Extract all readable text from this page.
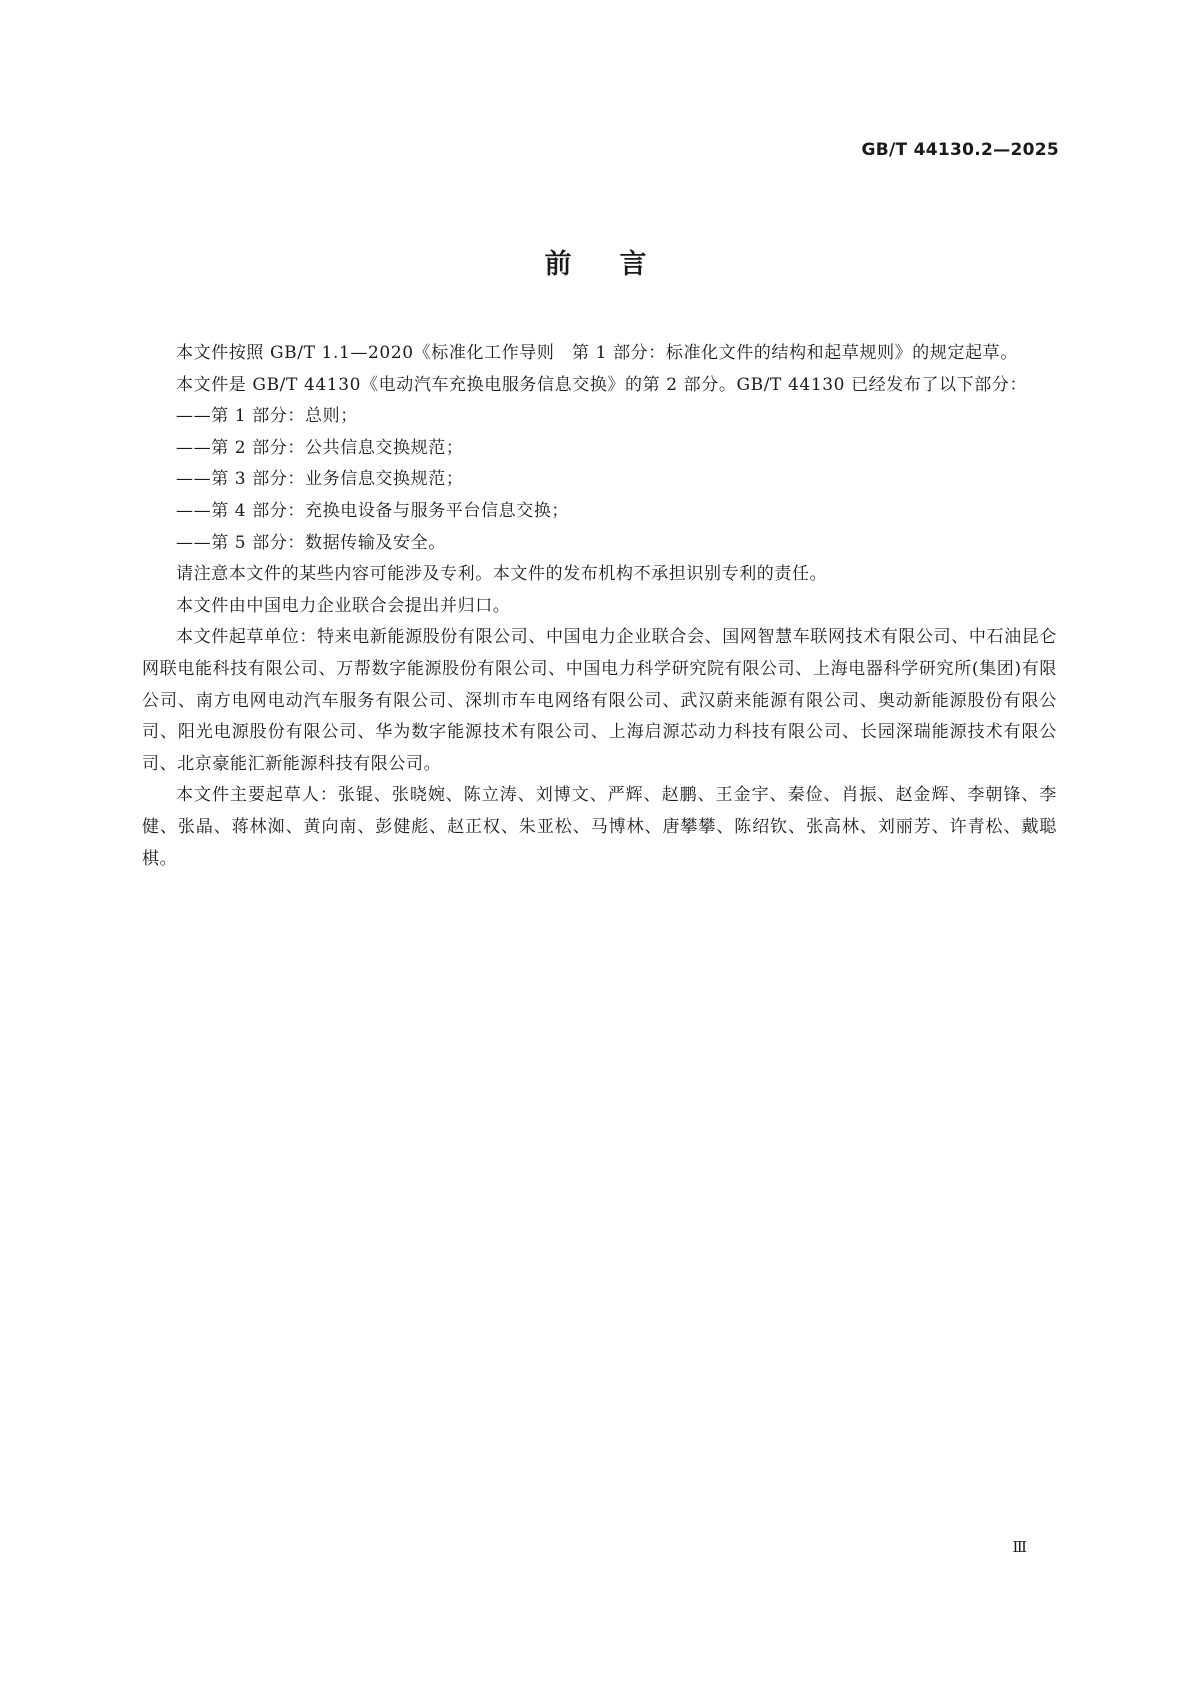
GB/T 44130.2—2025
前言

本文件按照 GB/T 1.1—2020《标准化工作导则　第 1 部分：标准化文件的结构和起草规则》的规定起草。

本文件是 GB/T 44130《电动汽车充换电服务信息交换》的第 2 部分。GB/T 44130 已经发布了以下部分：

——第 1 部分：总则；

——第 2 部分：公共信息交换规范；

——第 3 部分：业务信息交换规范；

——第 4 部分：充换电设备与服务平台信息交换；

——第 5 部分：数据传输及安全。

请注意本文件的某些内容可能涉及专利。本文件的发布机构不承担识别专利的责任。

本文件由中国电力企业联合会提出并归口。

本文件起草单位：特来电新能源股份有限公司、中国电力企业联合会、国网智慧车联网技术有限公司、中石油昆仑网联电能科技有限公司、万帮数字能源股份有限公司、中国电力科学研究院有限公司、上海电器科学研究所(集团)有限公司、南方电网电动汽车服务有限公司、深圳市车电网络有限公司、武汉蔚来能源有限公司、奥动新能源股份有限公司、阳光电源股份有限公司、华为数字能源技术有限公司、上海启源芯动力科技有限公司、长园深瑞能源技术有限公司、北京豪能汇新能源科技有限公司。

本文件主要起草人：张锟、张晓婉、陈立涛、刘博文、严辉、赵鹏、王金宇、秦俭、肖振、赵金辉、李朝锋、李健、张晶、蒋林洳、黄向南、彭健彪、赵正权、朱亚松、马博林、唐攀攀、陈绍钦、张高林、刘丽芳、许青松、戴聪棋。

Ⅲ
